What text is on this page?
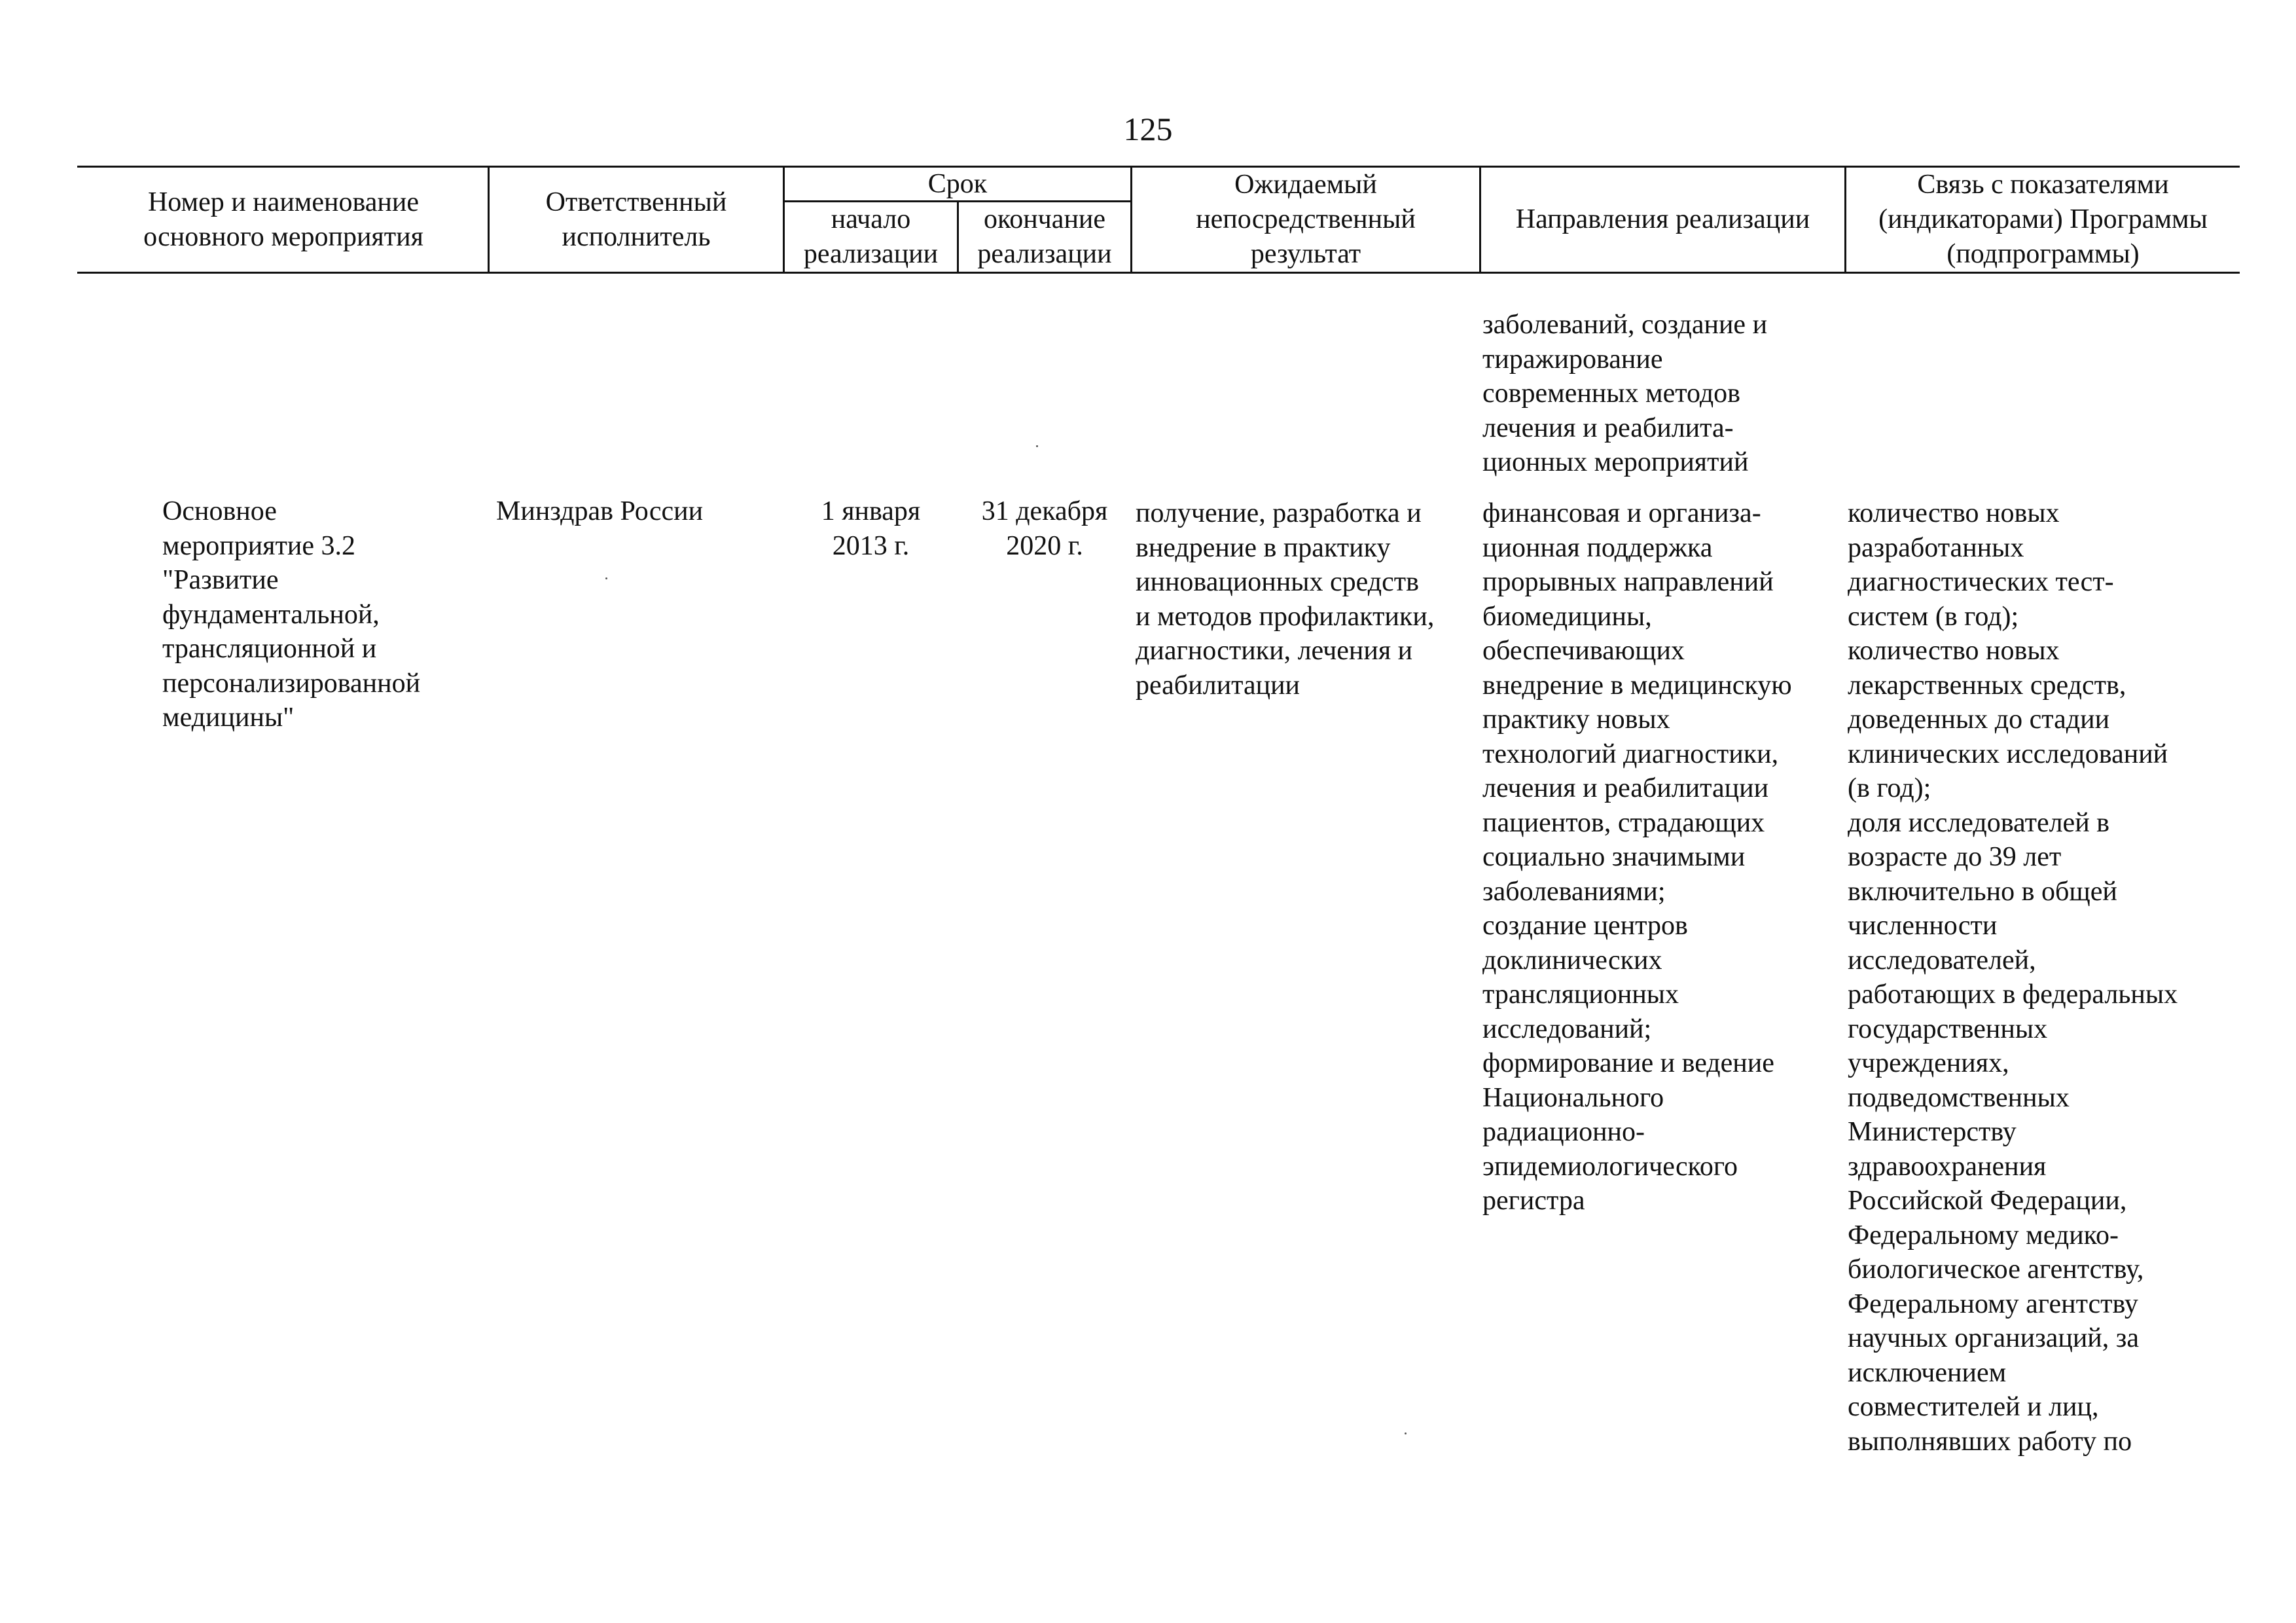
125
Номер и наименование
основного мероприятия
Ответственный
исполнитель
Срок
начало
реализации
окончание
реализации
Ожидаемый
непосредственный
результат
Направления реализации
Связь с показателями
(индикаторами) Программы
(подпрограммы)
заболеваний, создание и
тиражирование
современных методов
лечения и реабилита-
ционных мероприятий
Основное
мероприятие 3.2
"Развитие
фундаментальной,
трансляционной и
персонализированной
медицины"
Минздрав России	1 января
2013 г.
31 декабря
2020 г.
получение, разработка и
внедрение в практику
инновационных средств
и методов профилактики,
диагностики, лечения и
реабилитации
финансовая и организа-
ционная поддержка
прорывных направлений
биомедицины,
обеспечивающих
внедрение в медицинскую
практику новых
технологий диагностики,
лечения и реабилитации
пациентов, страдающих
социально значимыми
заболеваниями;
создание центров
доклинических
трансляционных
исследований;
формирование и ведение
Национального
радиационно-
эпидемиологического
регистра
количество новых
разработанных
диагностических тест-
систем (в год);
количество новых
лекарственных средств,
доведенных до стадии
клинических исследований
(в год);
доля исследователей в
возрасте до 39 лет
включительно в общей
численности
исследователей,
работающих в федеральных
государственных
учреждениях,
подведомственных
Министерству
здравоохранения
Российской Федерации,
Федеральному медико-
биологическое агентству,
Федеральному агентству
научных организаций, за
исключением
совместителей и лиц,
выполнявших работу по
